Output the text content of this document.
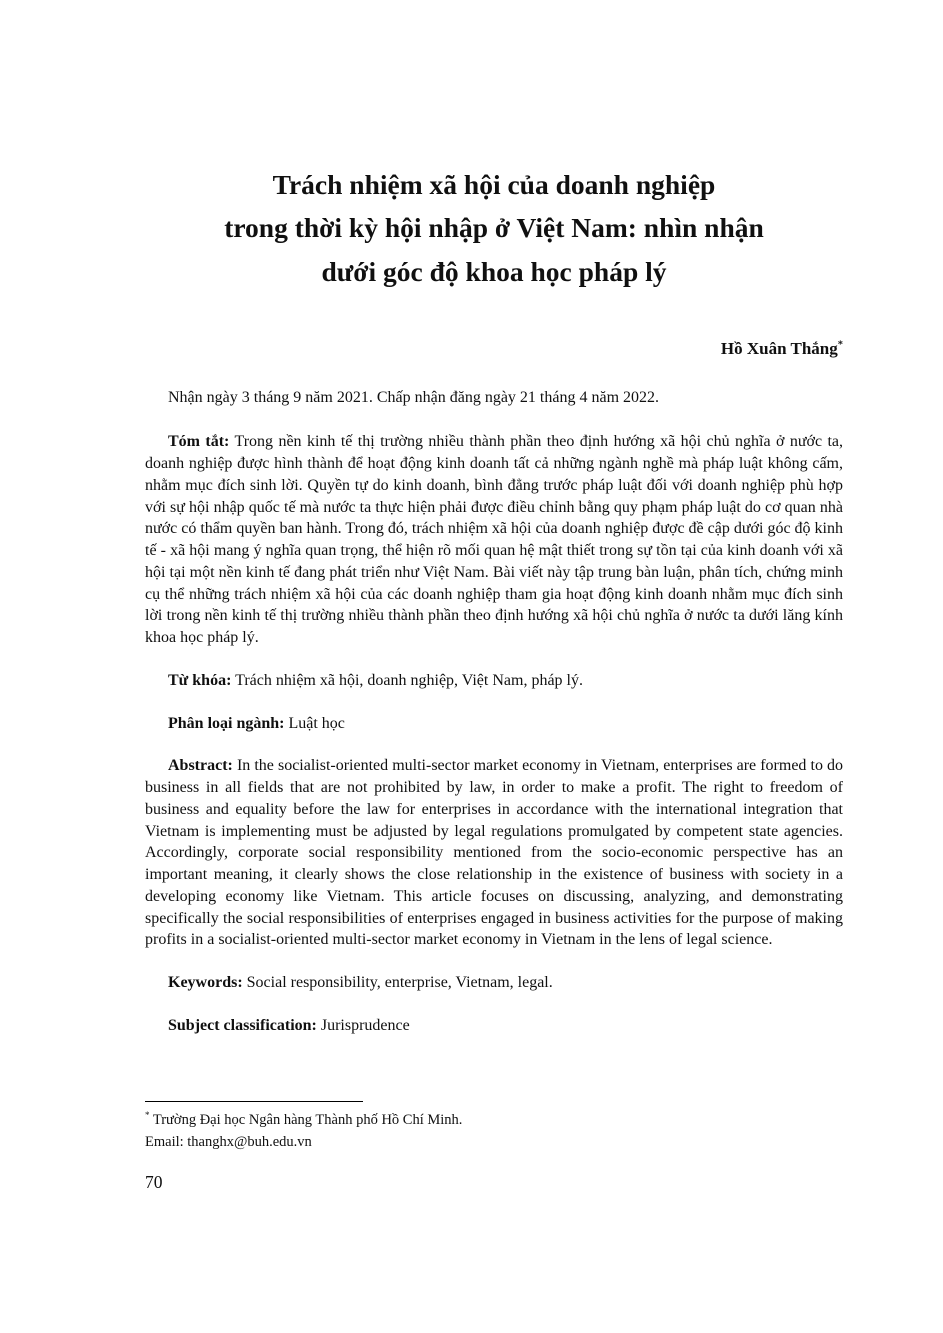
Trách nhiệm xã hội của doanh nghiệp
trong thời kỳ hội nhập ở Việt Nam: nhìn nhận
dưới góc độ khoa học pháp lý

Hồ Xuân Thắng*

Nhận ngày 3 tháng 9 năm 2021. Chấp nhận đăng ngày 21 tháng 4 năm 2022.

Tóm tắt: Trong nền kinh tế thị trường nhiều thành phần theo định hướng xã hội chủ nghĩa ở nước ta, doanh nghiệp được hình thành để hoạt động kinh doanh tất cả những ngành nghề mà pháp luật không cấm, nhằm mục đích sinh lời. Quyền tự do kinh doanh, bình đẳng trước pháp luật đối với doanh nghiệp phù hợp với sự hội nhập quốc tế mà nước ta thực hiện phải được điều chỉnh bằng quy phạm pháp luật do cơ quan nhà nước có thẩm quyền ban hành. Trong đó, trách nhiệm xã hội của doanh nghiệp được đề cập dưới góc độ kinh tế - xã hội mang ý nghĩa quan trọng, thể hiện rõ mối quan hệ mật thiết trong sự tồn tại của kinh doanh với xã hội tại một nền kinh tế đang phát triển như Việt Nam. Bài viết này tập trung bàn luận, phân tích, chứng minh cụ thể những trách nhiệm xã hội của các doanh nghiệp tham gia hoạt động kinh doanh nhằm mục đích sinh lời trong nền kinh tế thị trường nhiều thành phần theo định hướng xã hội chủ nghĩa ở nước ta dưới lăng kính khoa học pháp lý.

Từ khóa: Trách nhiệm xã hội, doanh nghiệp, Việt Nam, pháp lý.

Phân loại ngành: Luật học

Abstract: In the socialist-oriented multi-sector market economy in Vietnam, enterprises are formed to do business in all fields that are not prohibited by law, in order to make a profit. The right to freedom of business and equality before the law for enterprises in accordance with the international integration that Vietnam is implementing must be adjusted by legal regulations promulgated by competent state agencies. Accordingly, corporate social responsibility mentioned from the socio-economic perspective has an important meaning, it clearly shows the close relationship in the existence of business with society in a developing economy like Vietnam. This article focuses on discussing, analyzing, and demonstrating specifically the social responsibilities of enterprises engaged in business activities for the purpose of making profits in a socialist-oriented multi-sector market economy in Vietnam in the lens of legal science.

Keywords: Social responsibility, enterprise, Vietnam, legal.

Subject classification: Jurisprudence

* Trường Đại học Ngân hàng Thành phố Hồ Chí Minh.

Email: thanghx@buh.edu.vn

70
